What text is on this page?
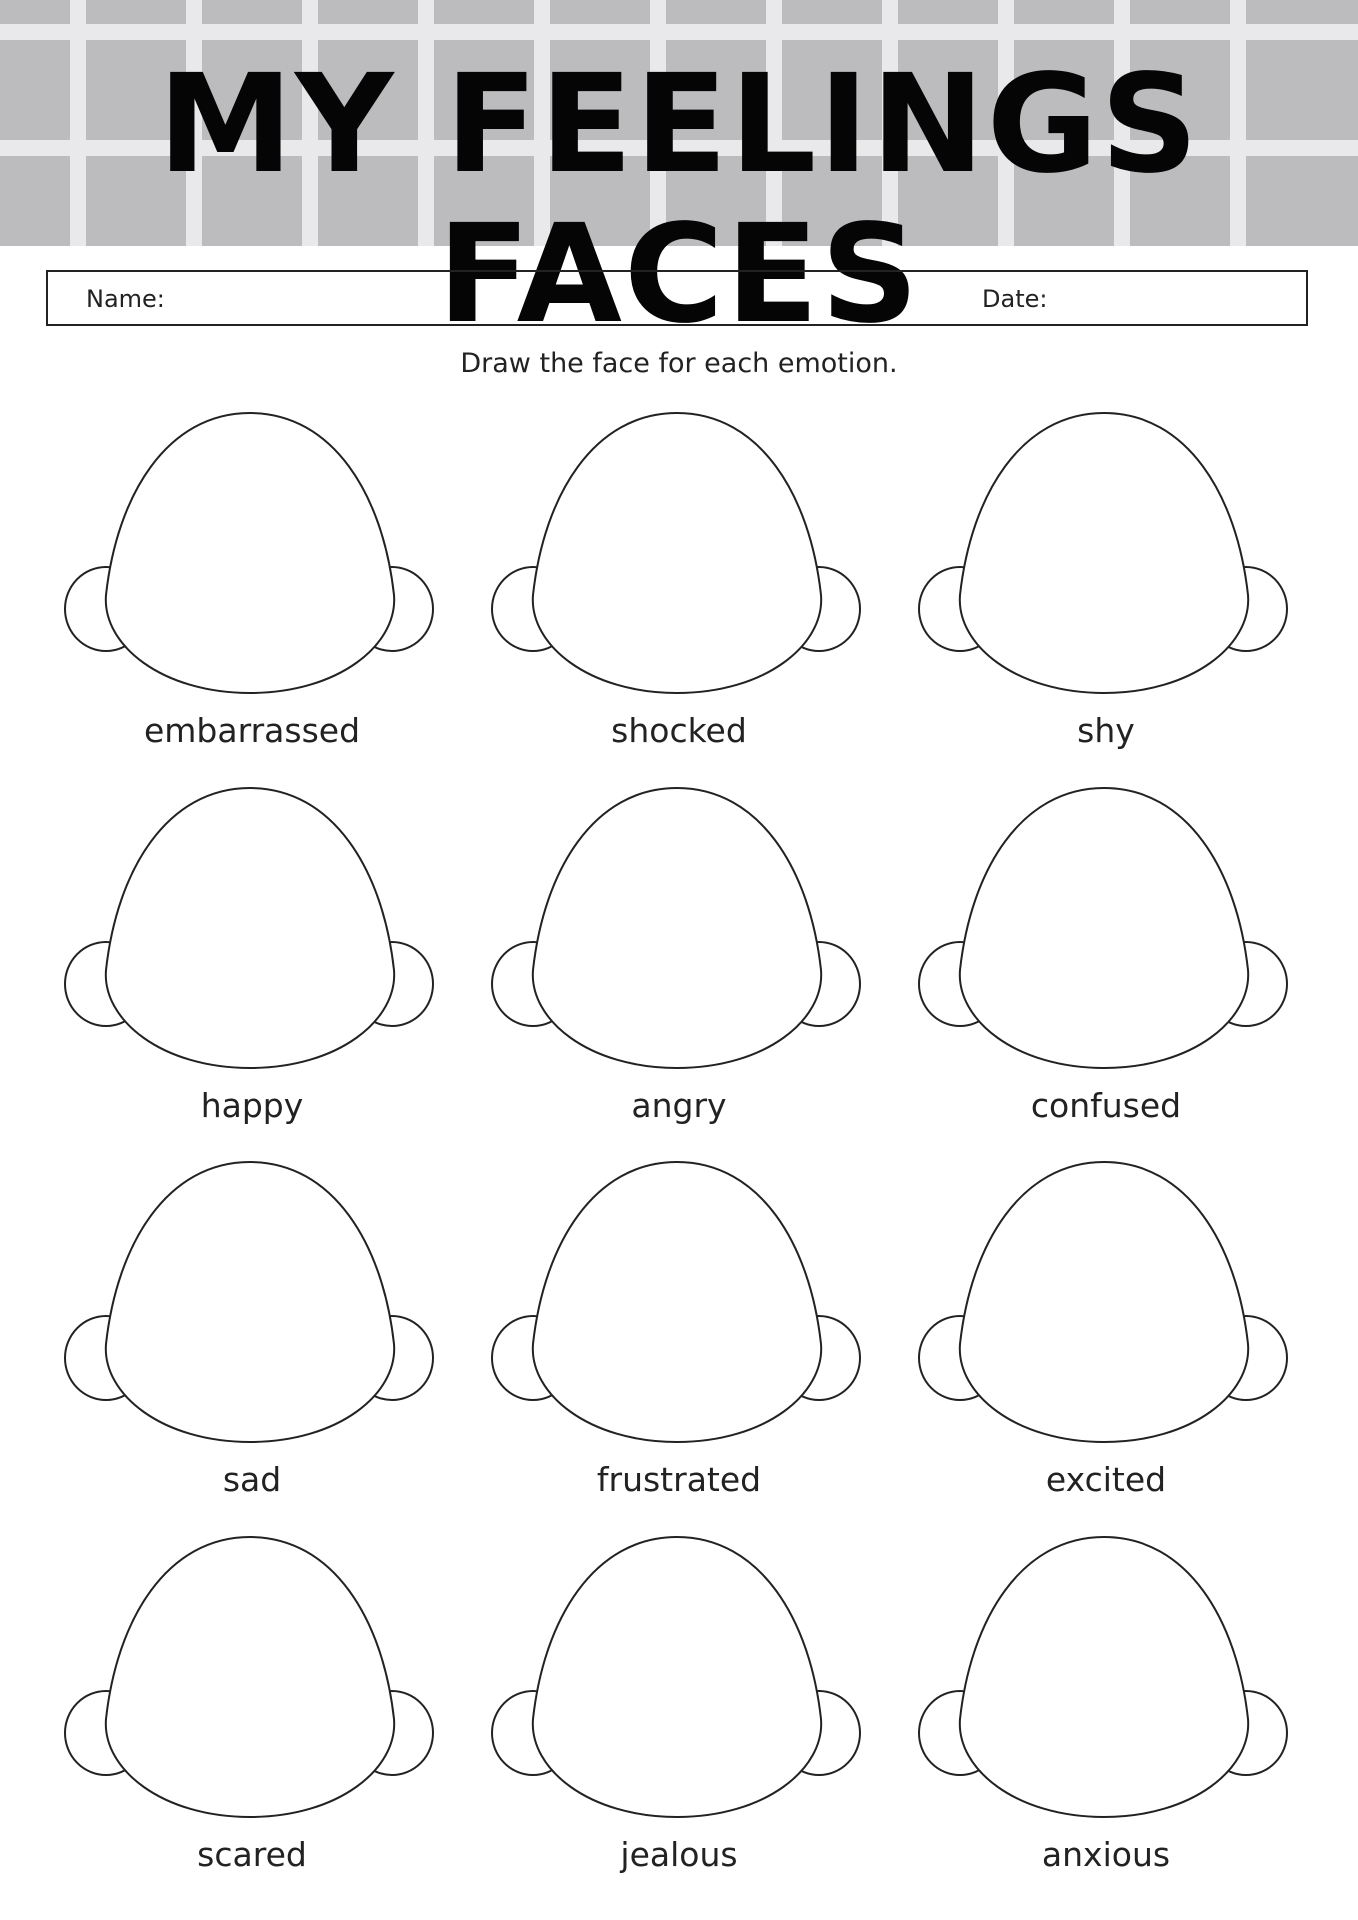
MY FEELINGS FACES
Name:	Date:
Draw the face for each emotion.
embarrassed	shocked	shy
happy	angry	confused
sad	frustrated	excited
scared	jealous	anxious
